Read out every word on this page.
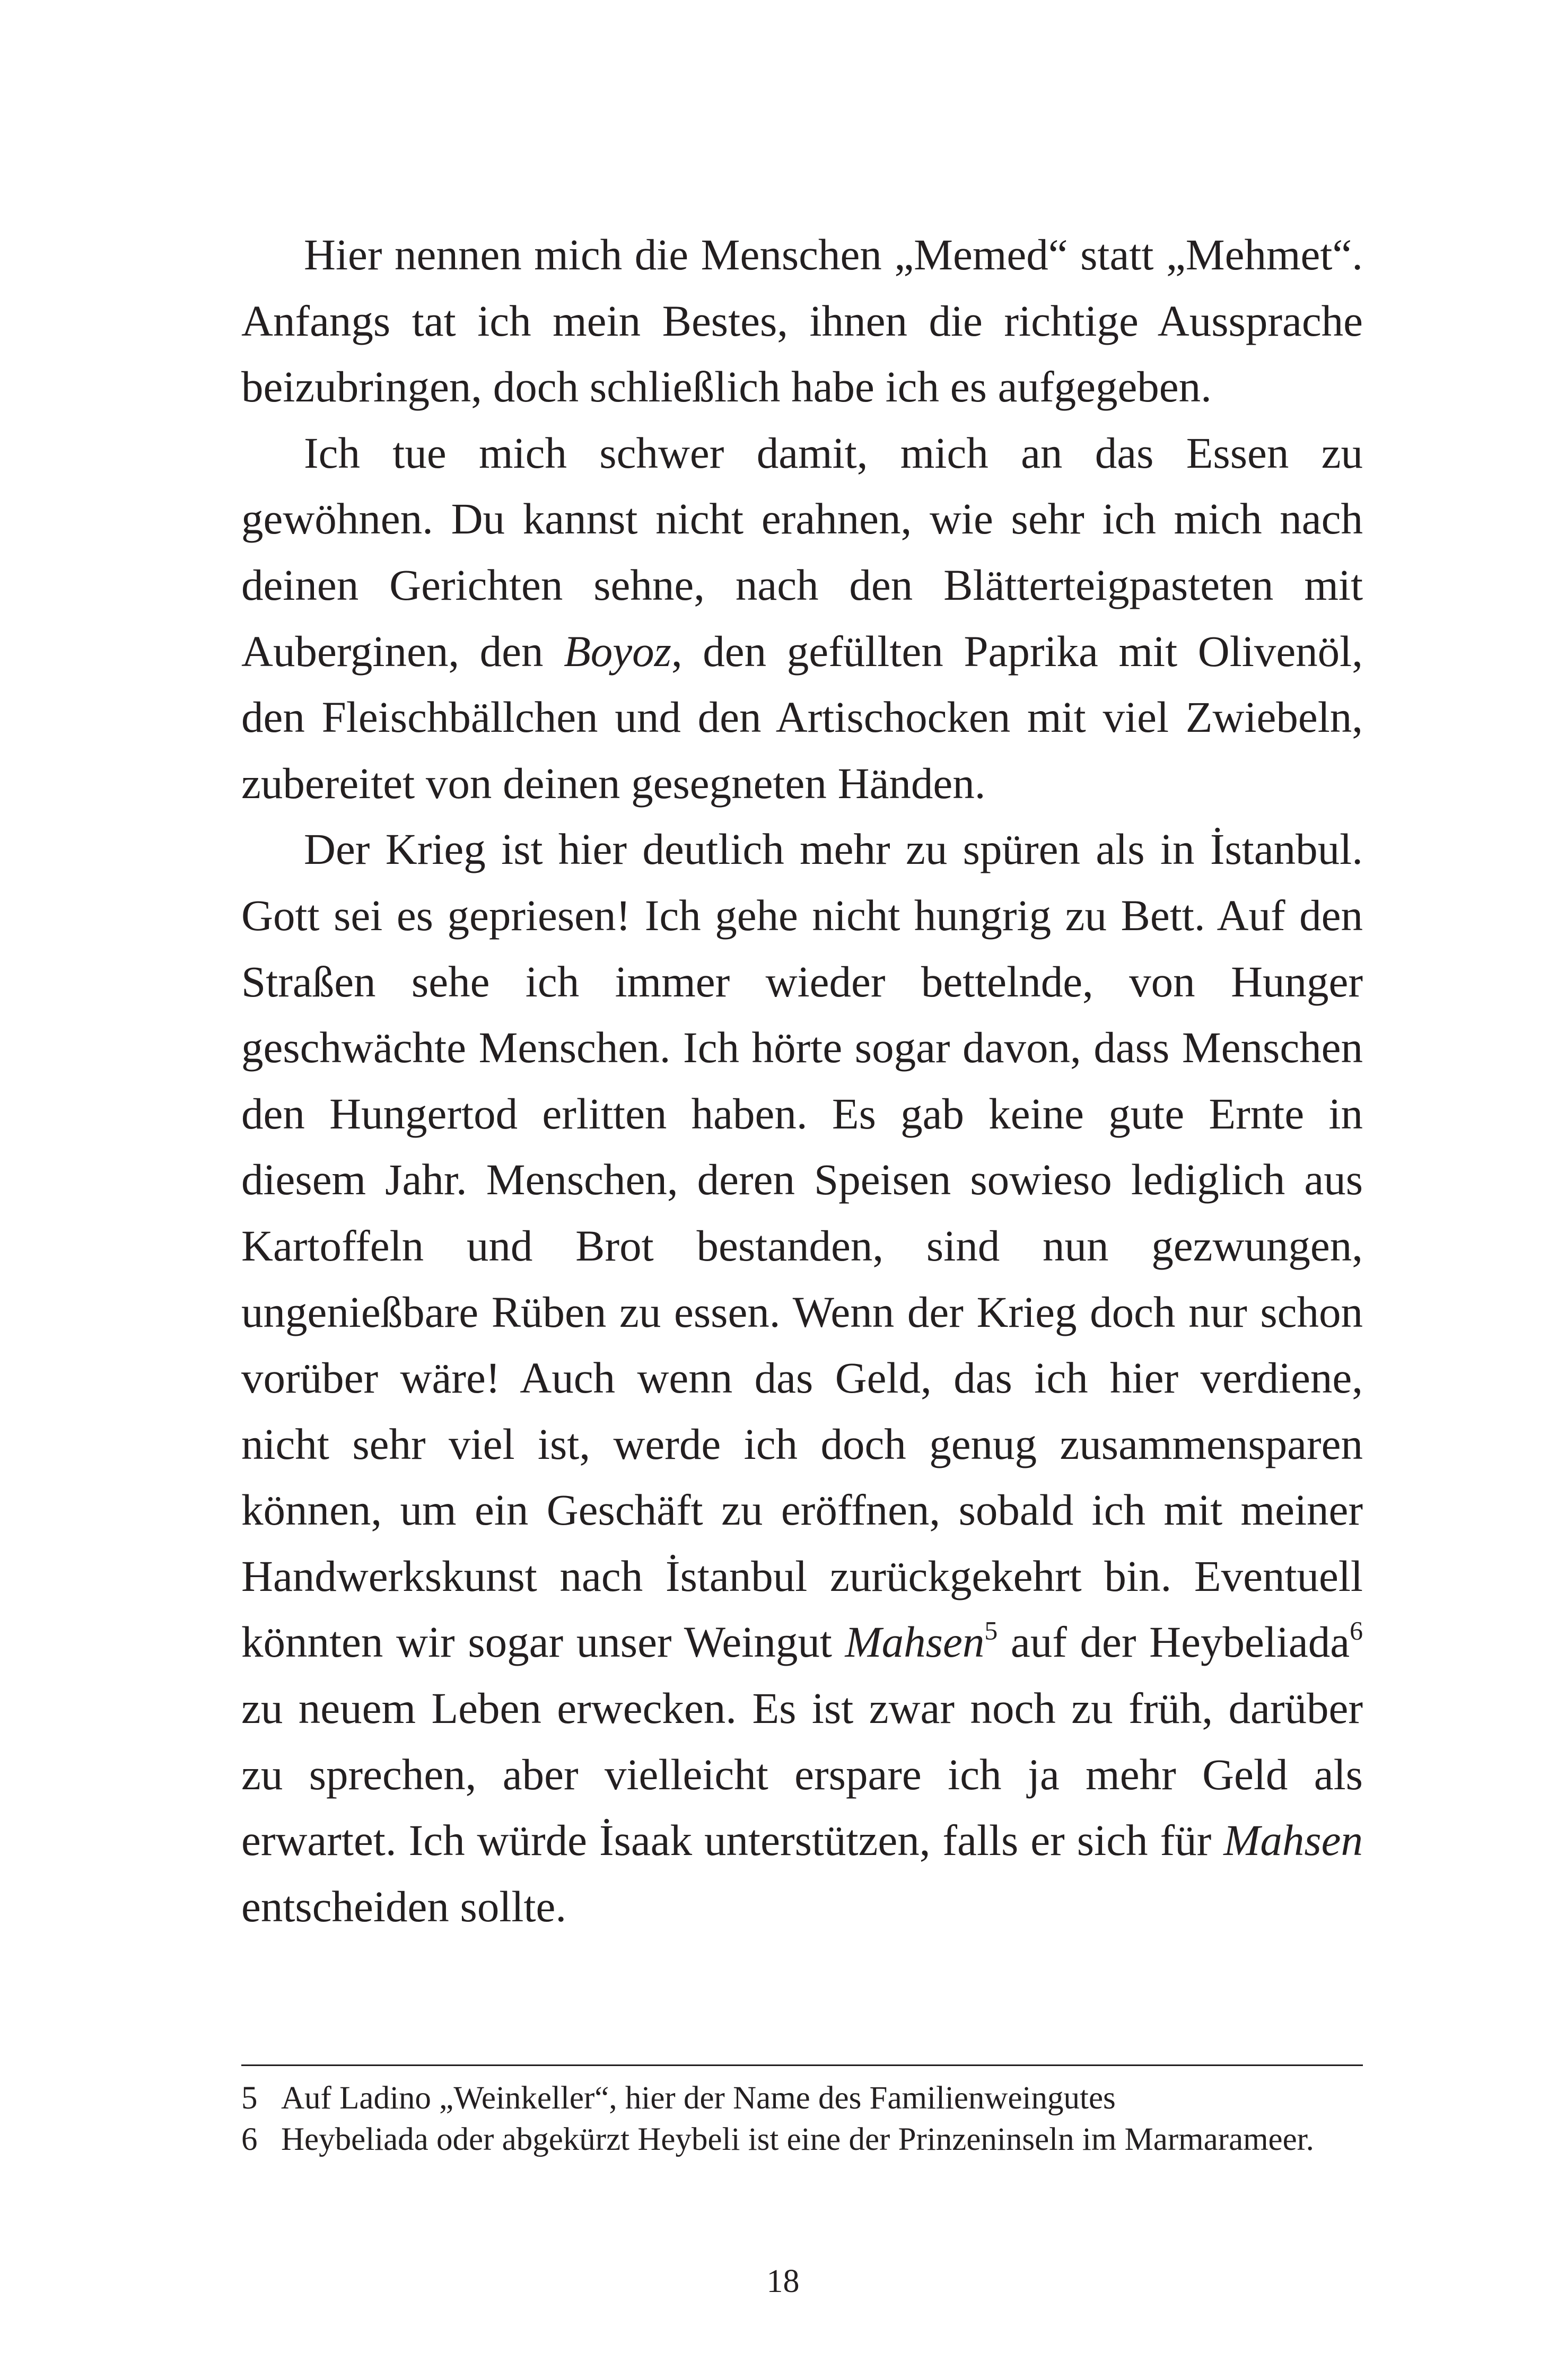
Hier nennen mich die Menschen „Memed“ statt „Mehmet“. Anfangs tat ich mein Bestes, ihnen die richtige Aussprache beizubringen, doch schließlich habe ich es aufgegeben.

Ich tue mich schwer damit, mich an das Essen zu gewöhnen. Du kannst nicht erahnen, wie sehr ich mich nach deinen Gerichten sehne, nach den Blätterteigpasteten mit Auberginen, den Boyoz, den gefüllten Paprika mit Olivenöl, den Fleischbällchen und den Artischocken mit viel Zwiebeln, zubereitet von deinen gesegneten Händen.

Der Krieg ist hier deutlich mehr zu spüren als in İstanbul. Gott sei es gepriesen! Ich gehe nicht hungrig zu Bett. Auf den Straßen sehe ich immer wieder bettelnde, von Hunger geschwächte Menschen. Ich hörte sogar davon, dass Menschen den Hungertod erlitten haben. Es gab keine gute Ernte in diesem Jahr. Menschen, deren Speisen sowieso lediglich aus Kartoffeln und Brot bestanden, sind nun gezwungen, ungenießbare Rüben zu essen. Wenn der Krieg doch nur schon vorüber wäre! Auch wenn das Geld, das ich hier verdiene, nicht sehr viel ist, werde ich doch genug zusammensparen können, um ein Geschäft zu eröffnen, sobald ich mit meiner Handwerkskunst nach İstanbul zurückgekehrt bin. Eventuell könnten wir sogar unser Weingut Mahsen$^5$ auf der Heybeliada$^6$ zu neuem Leben erwecken. Es ist zwar noch zu früh, darüber zu sprechen, aber vielleicht erspare ich ja mehr Geld als erwartet. Ich würde İsaak unterstützen, falls er sich für Mahsen entscheiden sollte.

5 Auf Ladino „Weinkeller“, hier der Name des Familienweingutes

6 Heybeliada oder abgekürzt Heybeli ist eine der Prinzeninseln im Marmarameer.

18
